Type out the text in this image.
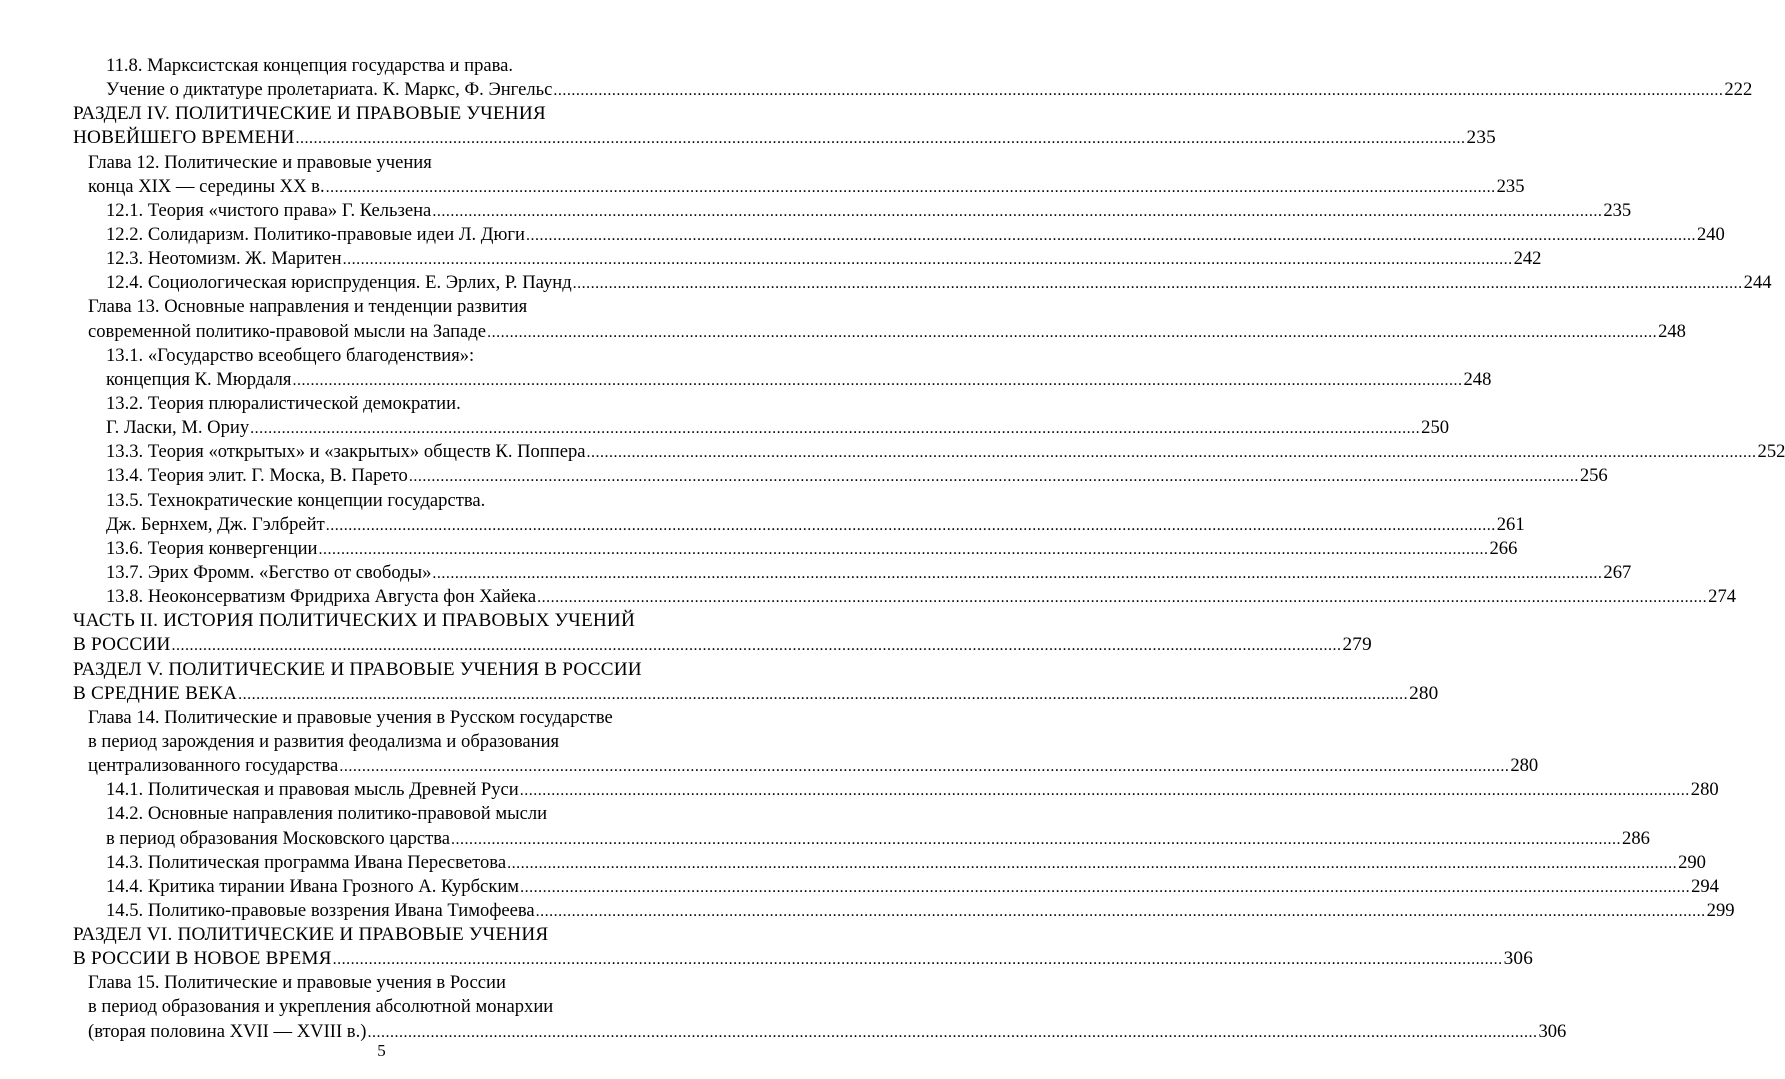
11.8. Марксистская концепция государства и права.
Учение о диктатуре пролетариата. К. Маркс, Ф. Энгельс .....	222
РАЗДЕЛ IV. ПОЛИТИЧЕСКИЕ И ПРАВОВЫЕ УЧЕНИЯ
НОВЕЙШЕГО ВРЕМЕНИ .....	235
Глава 12. Политические и правовые учения
конца XIX — середины XX в. .....	235
12.1. Теория «чистого права» Г. Кельзена .....	235
12.2. Солидаризм. Политико-правовые идеи Л. Дюги .....	240
12.3. Неотомизм. Ж. Маритен .....	242
12.4. Социологическая юриспруденция. Е. Эрлих, Р. Паунд .....	244
Глава 13. Основные направления и тенденции развития
современной политико-правовой мысли на Западе .....	248
13.1. «Государство всеобщего благоденствия»:
концепция К. Мюрдаля .....	248
13.2. Теория плюралистической демократии.
Г. Ласки, М. Ориу .....	250
13.3. Теория «открытых» и «закрытых» обществ К. Поппера .....	252
13.4. Теория элит. Г. Моска, В. Парето .....	256
13.5. Технократические концепции государства.
Дж. Бернхем, Дж. Гэлбрейт .....	261
13.6. Теория конвергенции .....	266
13.7. Эрих Фромм. «Бегство от свободы» .....	267
13.8. Неоконсерватизм Фридриха Августа фон Хайека .....	274
ЧАСТЬ II. ИСТОРИЯ ПОЛИТИЧЕСКИХ И ПРАВОВЫХ УЧЕНИЙ
В РОССИИ .....	279
РАЗДЕЛ V. ПОЛИТИЧЕСКИЕ И ПРАВОВЫЕ УЧЕНИЯ В РОССИИ
В СРЕДНИЕ ВЕКА .....	280
Глава 14. Политические и правовые учения в Русском государстве
в период зарождения и развития феодализма и образования
централизованного государства .....	280
14.1. Политическая и правовая мысль Древней Руси .....	280
14.2. Основные направления политико-правовой мысли
в период образования Московского царства .....	286
14.3. Политическая программа Ивана Пересветова .....	290
14.4. Критика тирании Ивана Грозного А. Курбским .....	294
14.5. Политико-правовые воззрения Ивана Тимофеева .....	299
РАЗДЕЛ VI. ПОЛИТИЧЕСКИЕ И ПРАВОВЫЕ УЧЕНИЯ
В РОССИИ В НОВОЕ ВРЕМЯ .....	306
Глава 15. Политические и правовые учения в России
в период образования и укрепления абсолютной монархии
(вторая половина XVII — XVIII в.) .....	306
5
